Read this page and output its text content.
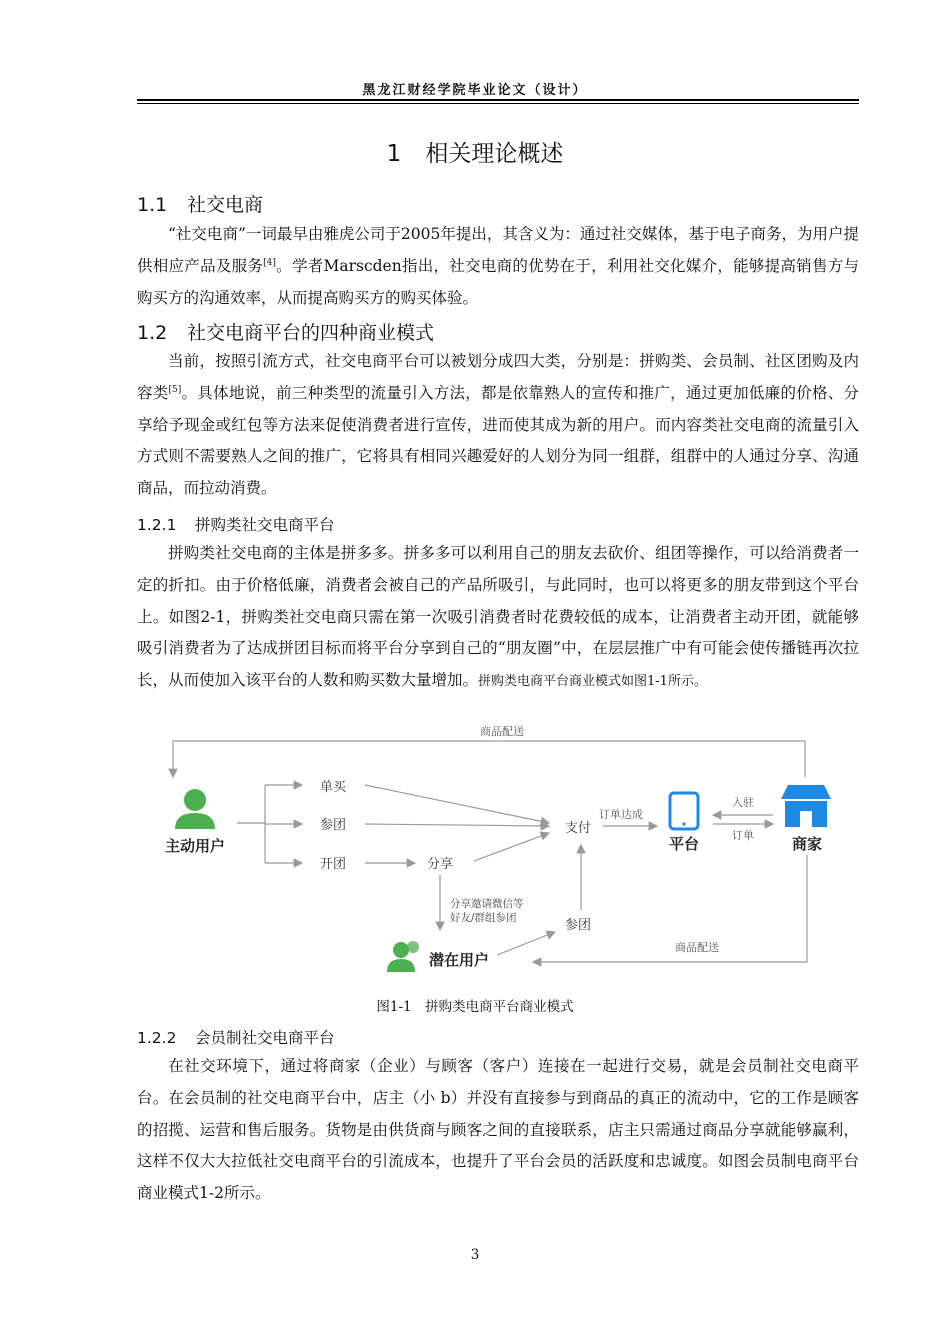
黑龙江财经学院毕业论文（设计）
1 相关理论概述
1.1 社交电商

“社交电商”一词最早由雅虎公司于2005年提出，其含义为：通过社交媒体，基于电子商务，为用户提供相应产品及服务[4]。学者Marscden指出，社交电商的优势在于，利用社交化媒介，能够提高销售方与购买方的沟通效率，从而提高购买方的购买体验。

1.2 社交电商平台的四种商业模式

当前，按照引流方式，社交电商平台可以被划分成四大类，分别是：拼购类、会员制、社区团购及内容类[5]。具体地说，前三种类型的流量引入方法，都是依靠熟人的宣传和推广，通过更加低廉的价格、分享给予现金或红包等方法来促使消费者进行宣传，进而使其成为新的用户。而内容类社交电商的流量引入方式则不需要熟人之间的推广，它将具有相同兴趣爱好的人划分为同一组群，组群中的人通过分享、沟通商品，而拉动消费。

1.2.1 拼购类社交电商平台

拼购类社交电商的主体是拼多多。拼多多可以利用自己的朋友去砍价、组团等操作，可以给消费者一定的折扣。由于价格低廉，消费者会被自己的产品所吸引，与此同时，也可以将更多的朋友带到这个平台上。如图2-1，拼购类社交电商只需在第一次吸引消费者时花费较低的成本，让消费者主动开团，就能够吸引消费者为了达成拼团目标而将平台分享到自己的“朋友圈”中，在层层推广中有可能会使传播链再次拉长，从而使加入该平台的人数和购买数大量增加。拼购类电商平台商业模式如图1-1所示。

商品配送
主动用户
单买
参团
开团	分享
支付
订单达成
平台
入驻
订单	商家
分享邀请微信等
好友/群组参团
潜在用户
参团
商品配送
图1-1　拼购类电商平台商业模式
1.2.2 会员制社交电商平台

在社交环境下，通过将商家（企业）与顾客（客户）连接在一起进行交易，就是会员制社交电商平台。在会员制的社交电商平台中，店主（小 b）并没有直接参与到商品的真正的流动中，它的工作是顾客的招揽、运营和售后服务。货物是由供货商与顾客之间的直接联系，店主只需通过商品分享就能够赢利，这样不仅大大拉低社交电商平台的引流成本，也提升了平台会员的活跃度和忠诚度。如图会员制电商平台商业模式1-2所示。

3
